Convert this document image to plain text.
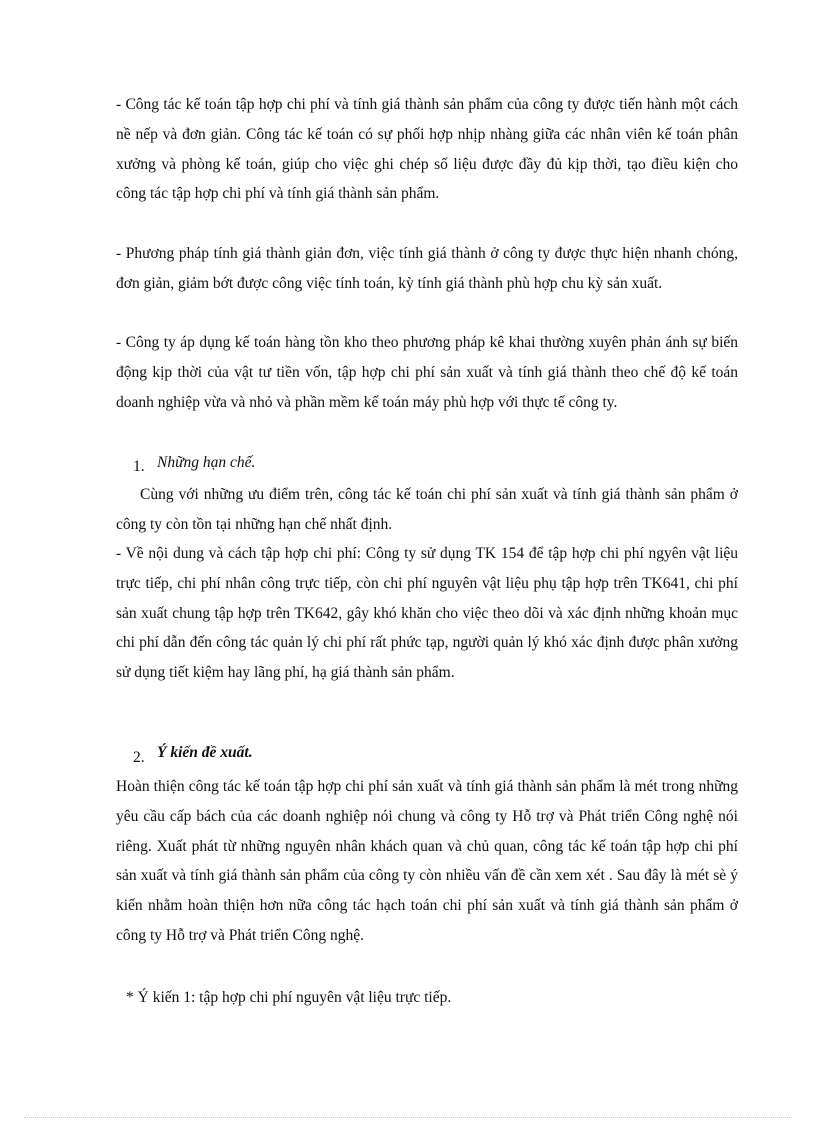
- Công tác kế toán tập hợp chi phí và tính giá thành sản phẩm của công ty được tiến hành một cách nề nếp và đơn giản. Công tác kế toán có sự phối hợp nhịp nhàng giữa các nhân viên kế toán phân xưởng và phòng kế toán, giúp cho việc ghi chép số liệu được đầy đủ kịp thời, tạo điều kiện cho công tác tập hợp chi phí và tính giá thành sản phẩm.

- Phương pháp tính giá thành giản đơn, việc tính giá thành ở công ty được thực hiện nhanh chóng, đơn giản, giảm bớt được công việc tính toán, kỳ tính giá thành phù hợp chu kỳ sản xuất.

- Công ty áp dụng kế toán hàng tồn kho theo phương pháp kê khai thường xuyên phản ánh sự biến động kịp thời của vật tư tiền vốn, tập hợp chi phí sản xuất và tính giá thành theo chế độ kế toán doanh nghiệp vừa và nhỏ và phần mềm kế toán máy phù hợp với thực tế công ty.

1. Những hạn chế.

Cùng với những ưu điểm trên, công tác kế toán chi phí sản xuất và tính giá thành sản phẩm ở công ty còn tồn tại những hạn chế nhất định.

- Về nội dung và cách tập hợp chi phí: Công ty sử dụng TK 154 để tập hợp chi phí ngyên vật liệu trực tiếp, chi phí nhân công trực tiếp, còn chi phí nguyên vật liệu phụ tập hợp trên TK641, chi phí sản xuất chung tập hợp trên TK642, gây khó khăn cho việc theo dõi và xác định những khoản mục chi phí dẫn đến công tác quản lý chi phí rất phức tạp, người quản lý khó xác định được phân xưởng sử dụng tiết kiệm hay lãng phí, hạ giá thành sản phẩm.

2. Ý kiến đề xuất.

Hoàn thiện công tác kế toán tập hợp chi phí sản xuất và tính giá thành sản phẩm là mét trong những yêu cầu cấp bách của các doanh nghiệp nói chung và công ty Hỗ trợ và Phát triển Công nghệ nói riêng. Xuất phát từ những nguyên nhân khách quan và chủ quan, công tác kế toán tập hợp chi phí sản xuất và tính giá thành sản phẩm của công ty còn nhiều vấn đề cần xem xét . Sau đây là mét sè ý kiến nhằm hoàn thiện hơn nữa công tác hạch toán chi phí sản xuất và tính giá thành sản phẩm ở công ty Hỗ trợ và Phát triển Công nghệ.

* Ý kiến 1: tập hợp chi phí nguyên vật liệu trực tiếp.
